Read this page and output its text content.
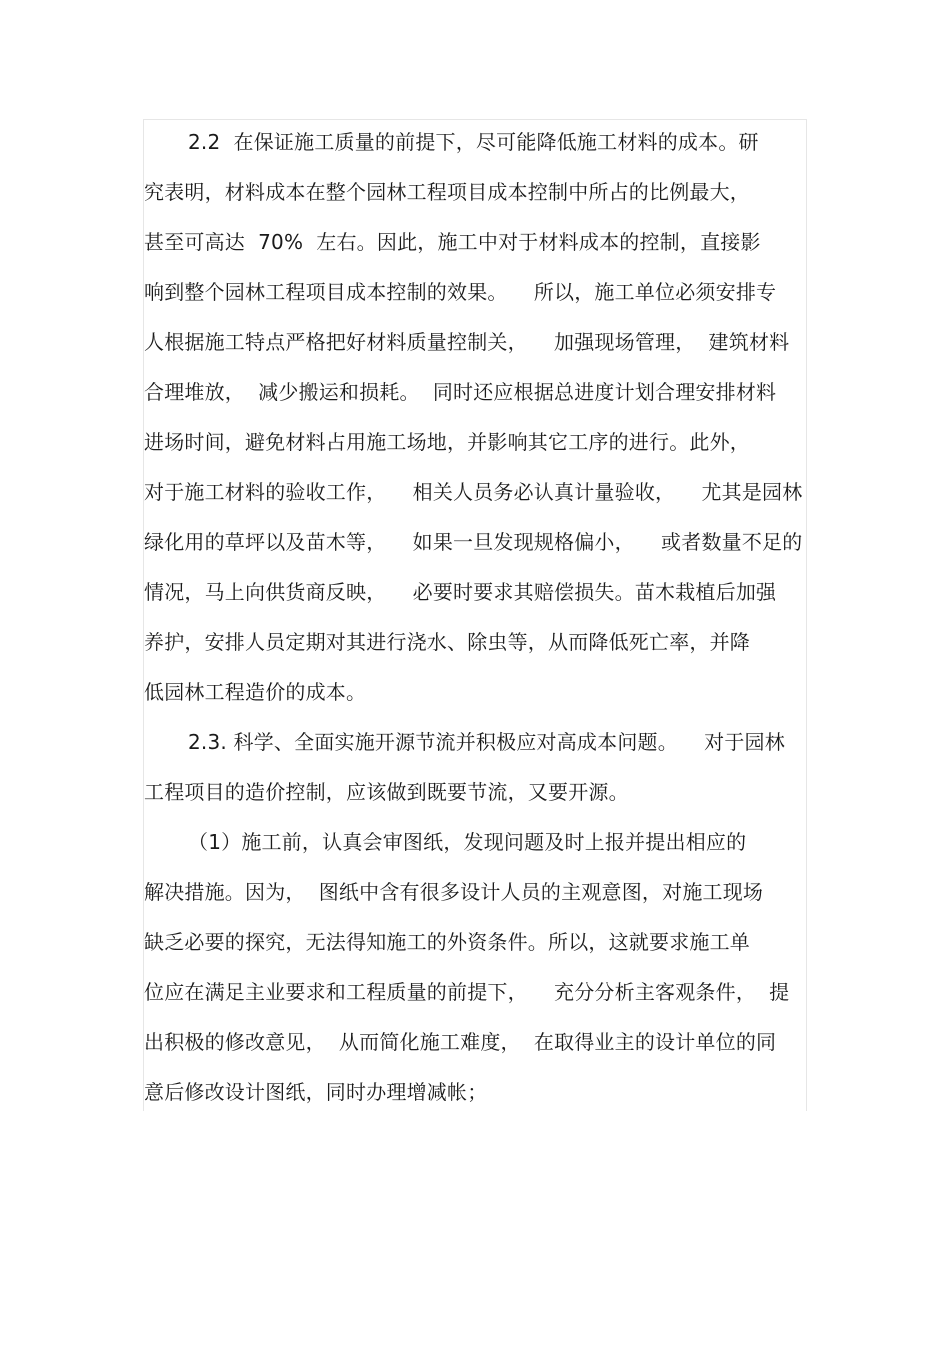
2.2  在保证施工质量的前提下，尽可能降低施工材料的成本。研
究表明，材料成本在整个园林工程项目成本控制中所占的比例最大，
甚至可高达  70%  左右。因此，施工中对于材料成本的控制，直接影
响到整个园林工程项目成本控制的效果。    所以，施工单位必须安排专
人根据施工特点严格把好材料质量控制关，    加强现场管理，  建筑材料
合理堆放，  减少搬运和损耗。  同时还应根据总进度计划合理安排材料
进场时间，避免材料占用施工场地，并影响其它工序的进行。此外，
对于施工材料的验收工作，    相关人员务必认真计量验收，    尤其是园林
绿化用的草坪以及苗木等，    如果一旦发现规格偏小，    或者数量不足的
情况，马上向供货商反映，    必要时要求其赔偿损失。苗木栽植后加强
养护，安排人员定期对其进行浇水、除虫等，从而降低死亡率，并降
低园林工程造价的成本。
2.3. 科学、全面实施开源节流并积极应对高成本问题。    对于园林
工程项目的造价控制，应该做到既要节流，又要开源。
（1）施工前，认真会审图纸，发现问题及时上报并提出相应的
解决措施。因为，  图纸中含有很多设计人员的主观意图，对施工现场
缺乏必要的探究，无法得知施工的外资条件。所以，这就要求施工单
位应在满足主业要求和工程质量的前提下，    充分分析主客观条件，  提
出积极的修改意见，  从而简化施工难度，  在取得业主的设计单位的同
意后修改设计图纸，同时办理增减帐；
